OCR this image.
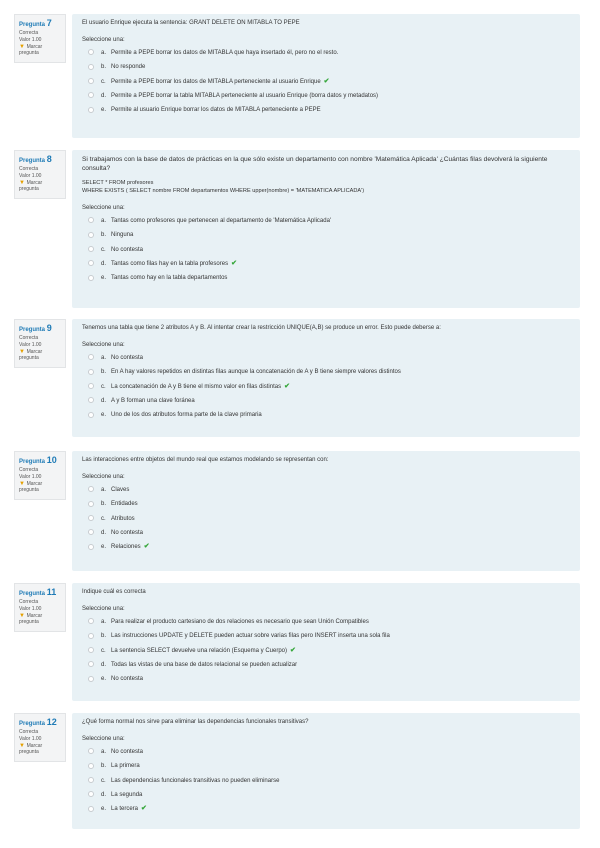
Pregunta 7
Correcta
Valor 1.00
▼ Marcar pregunta
El usuario Enrique ejecuta la sentencia: GRANT DELETE ON MITABLA TO PEPE
Seleccione una:
a. Permite a PEPE borrar los datos de MITABLA que haya insertado él, pero no el resto.
b. No responde
c. Permite a PEPE borrar los datos de MITABLA perteneciente al usuario Enrique ✔
d. Permite a PEPE borrar la tabla MITABLA perteneciente al usuario Enrique (borra datos y metadatos)
e. Permite al usuario Enrique borrar los datos de MITABLA perteneciente a PEPE
Pregunta 8
Correcta
Valor 1.00
▼ Marcar pregunta
Si trabajamos con la base de datos de prácticas en la que sólo existe un departamento con nombre 'Matemática Aplicada' ¿Cuántas filas devolverá la siguiente consulta?
SELECT * FROM profesores
WHERE EXISTS ( SELECT nombre FROM departamentos WHERE upper(nombre) = 'MATEMATICA APLICADA')
Seleccione una:
a. Tantas como profesores que pertenecen al departamento de 'Matemática Aplicada'
b. Ninguna
c. No contesta
d. Tantas como filas hay en la tabla profesores ✔
e. Tantas como hay en la tabla departamentos
Pregunta 9
Correcta
Valor 1.00
▼ Marcar pregunta
Tenemos una tabla que tiene 2 atributos A y B. Al intentar crear la restricción UNIQUE(A,B) se produce un error. Esto puede deberse a:
Seleccione una:
a. No contesta
b. En A hay valores repetidos en distintas filas aunque la concatenación de A y B tiene siempre valores distintos
c. La concatenación de A y B tiene el mismo valor en filas distintas ✔
d. A y B forman una clave foránea
e. Uno de los dos atributos forma parte de la clave primaria
Pregunta 10
Correcta
Valor 1.00
▼ Marcar pregunta
Las interacciones entre objetos del mundo real que estamos modelando se representan con:
Seleccione una:
a. Claves
b. Entidades
c. Atributos
d. No contesta
e. Relaciones ✔
Pregunta 11
Correcta
Valor 1.00
▼ Marcar pregunta
Indique cuál es correcta
Seleccione una:
a. Para realizar el producto cartesiano de dos relaciones es necesario que sean Unión Compatibles
b. Las instrucciones UPDATE y DELETE pueden actuar sobre varias filas pero INSERT inserta una sola fila
c. La sentencia SELECT devuelve una relación (Esquema y Cuerpo) ✔
d. Todas las vistas de una base de datos relacional se pueden actualizar
e. No contesta
Pregunta 12
Correcta
Valor 1.00
▼ Marcar pregunta
¿Qué forma normal nos sirve para eliminar las dependencias funcionales transitivas?
Seleccione una:
a. No contesta
b. La primera
c. Las dependencias funcionales transitivas no pueden eliminarse
d. La segunda
e. La tercera ✔
